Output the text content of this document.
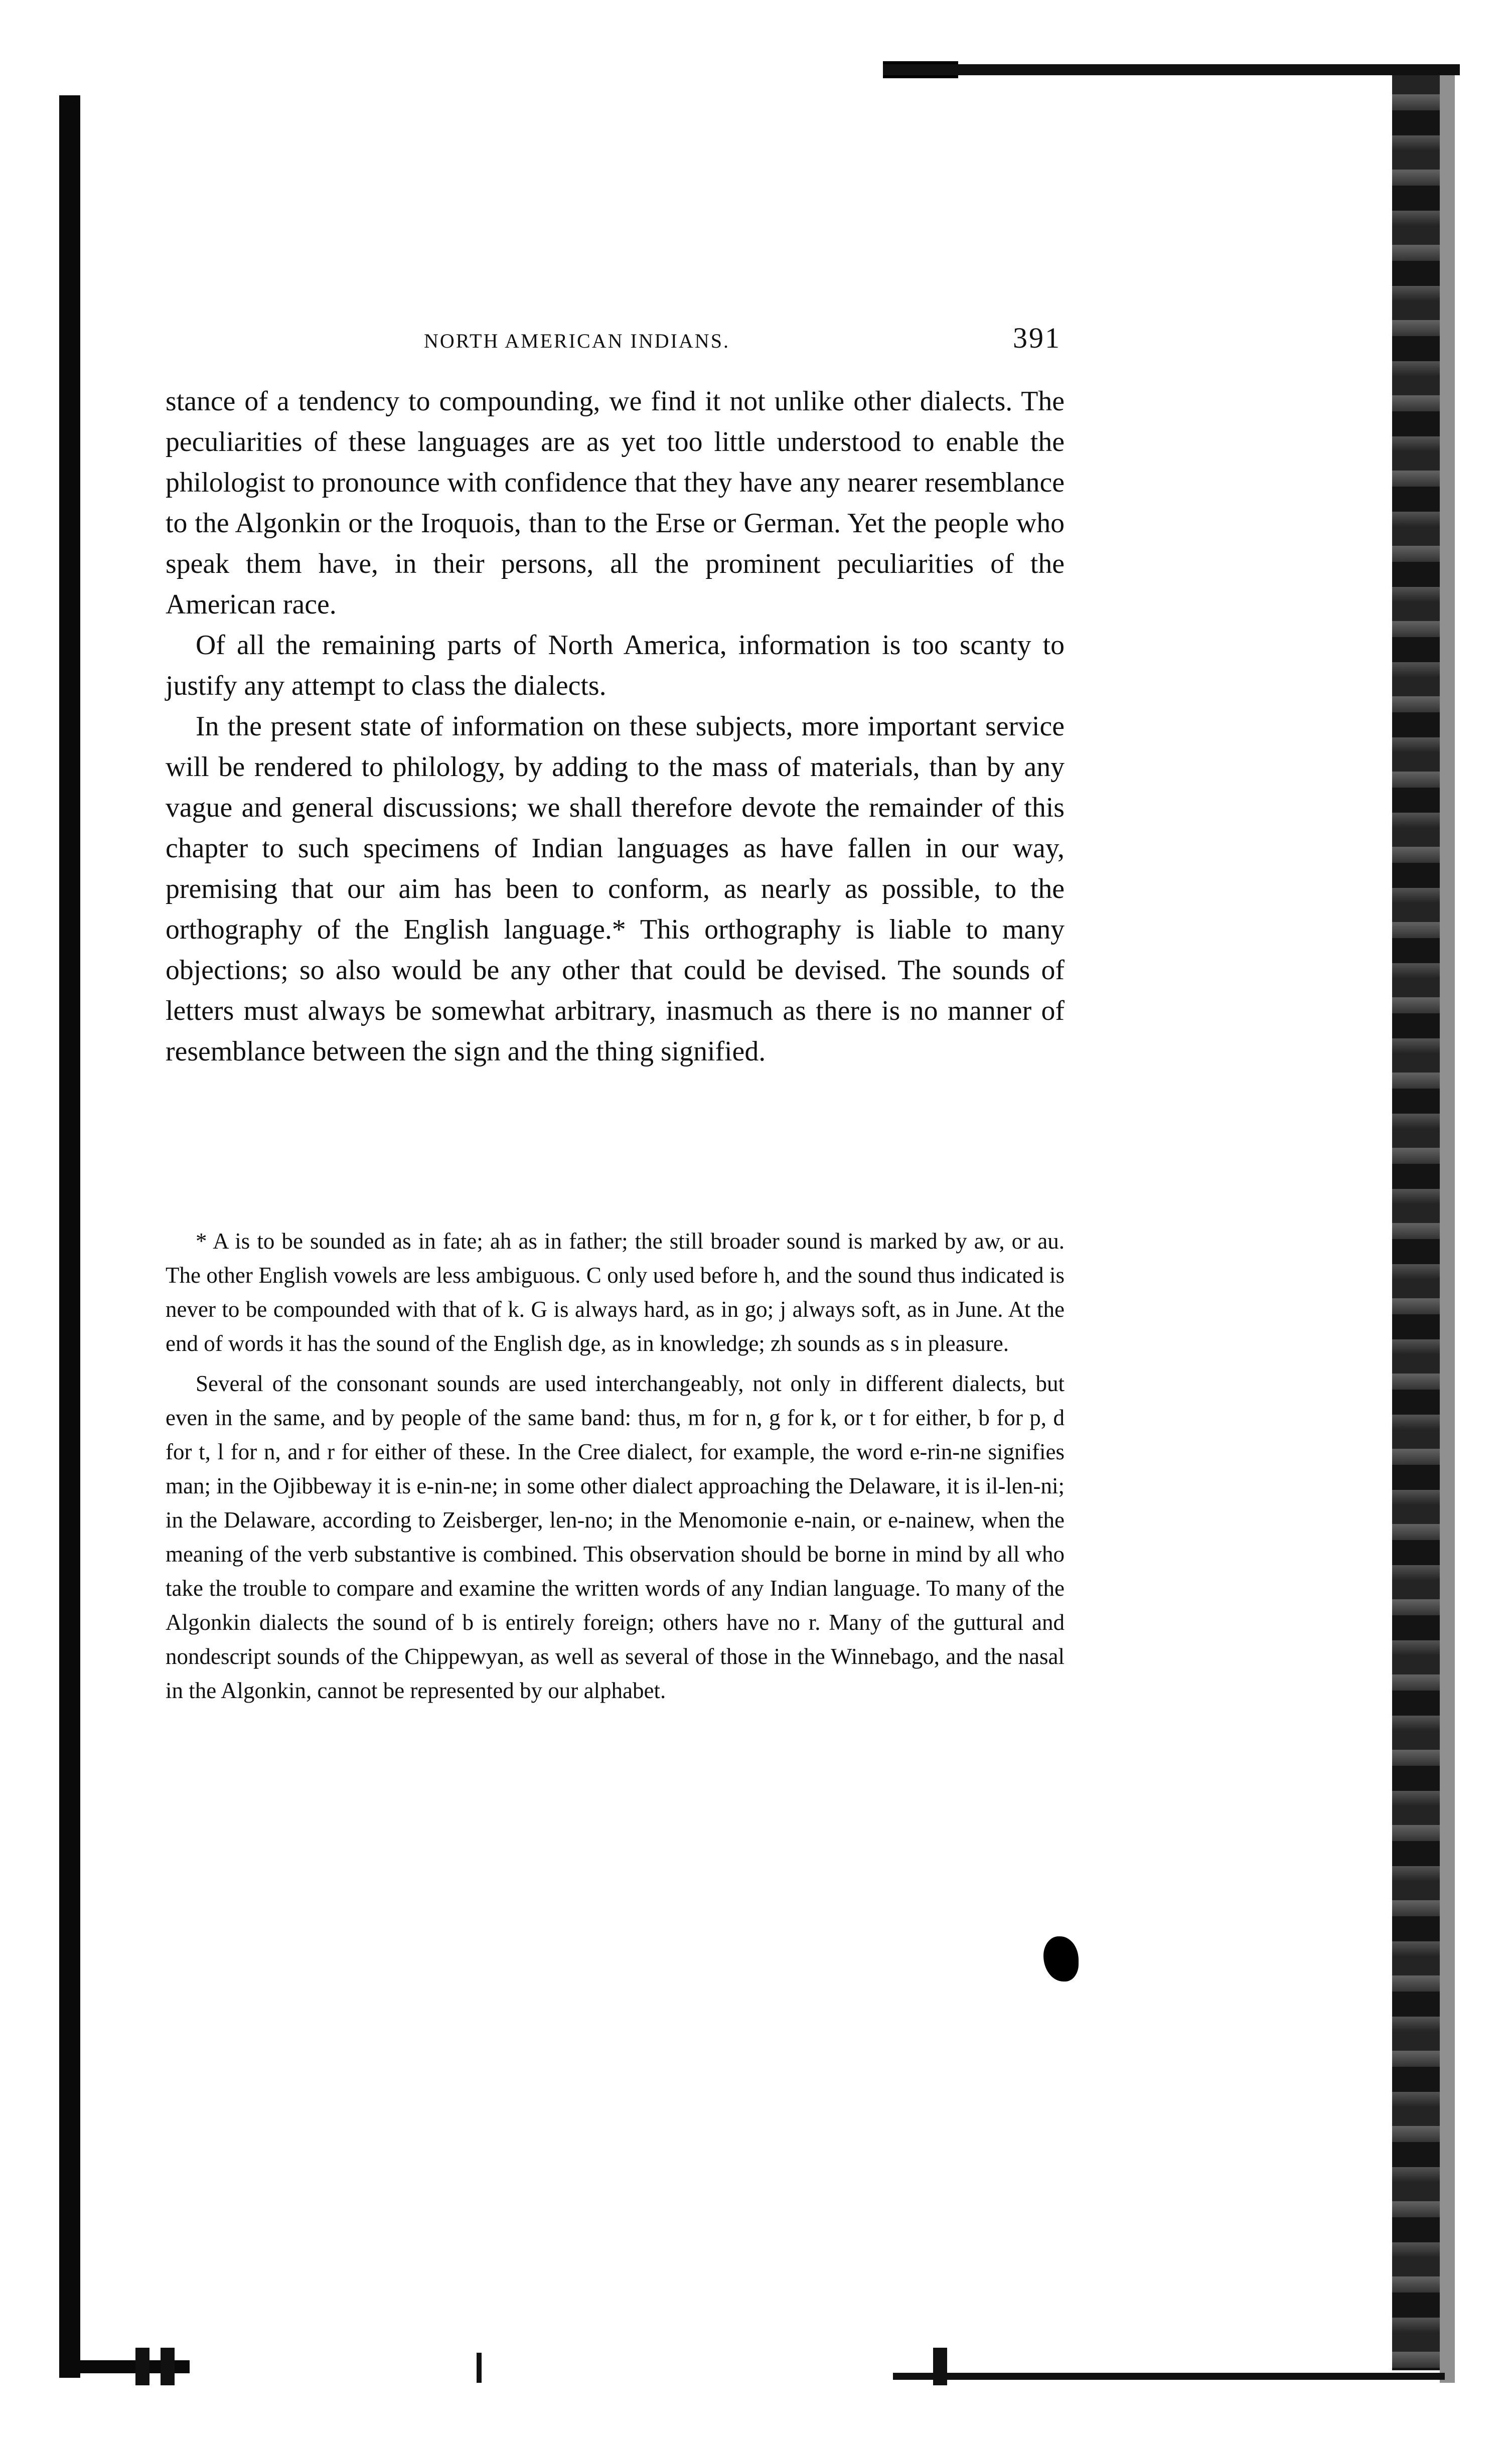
NORTH AMERICAN INDIANS.	391

stance of a tendency to compounding, we find it not unlike other dialects. The peculiarities of these languages are as yet too little understood to enable the philologist to pronounce with confidence that they have any nearer resemblance to the Algonkin or the Iroquois, than to the Erse or German. Yet the people who speak them have, in their persons, all the prominent peculiarities of the American race.

Of all the remaining parts of North America, information is too scanty to justify any attempt to class the dialects.

In the present state of information on these subjects, more important service will be rendered to philology, by adding to the mass of materials, than by any vague and general discussions; we shall therefore devote the remainder of this chapter to such specimens of Indian languages as have fallen in our way, premising that our aim has been to conform, as nearly as possible, to the orthography of the English language.* This orthography is liable to many objections; so also would be any other that could be devised. The sounds of letters must always be somewhat arbitrary, inasmuch as there is no manner of resemblance between the sign and the thing signified.

* A is to be sounded as in fate; ah as in father; the still broader sound is marked by aw, or au. The other English vowels are less ambiguous. C only used before h, and the sound thus indicated is never to be compounded with that of k. G is always hard, as in go; j always soft, as in June. At the end of words it has the sound of the English dge, as in knowledge; zh sounds as s in pleasure.

Several of the consonant sounds are used interchangeably, not only in different dialects, but even in the same, and by people of the same band: thus, m for n, g for k, or t for either, b for p, d for t, l for n, and r for either of these. In the Cree dialect, for example, the word e-rin-ne signifies man; in the Ojibbeway it is e-nin-ne; in some other dialect approaching the Delaware, it is il-len-ni; in the Delaware, according to Zeisberger, len-no; in the Menomonie e-nain, or e-nainew, when the meaning of the verb substantive is combined. This observation should be borne in mind by all who take the trouble to compare and examine the written words of any Indian language. To many of the Algonkin dialects the sound of b is entirely foreign; others have no r. Many of the guttural and nondescript sounds of the Chippewyan, as well as several of those in the Winnebago, and the nasal in the Algonkin, cannot be represented by our alphabet.
